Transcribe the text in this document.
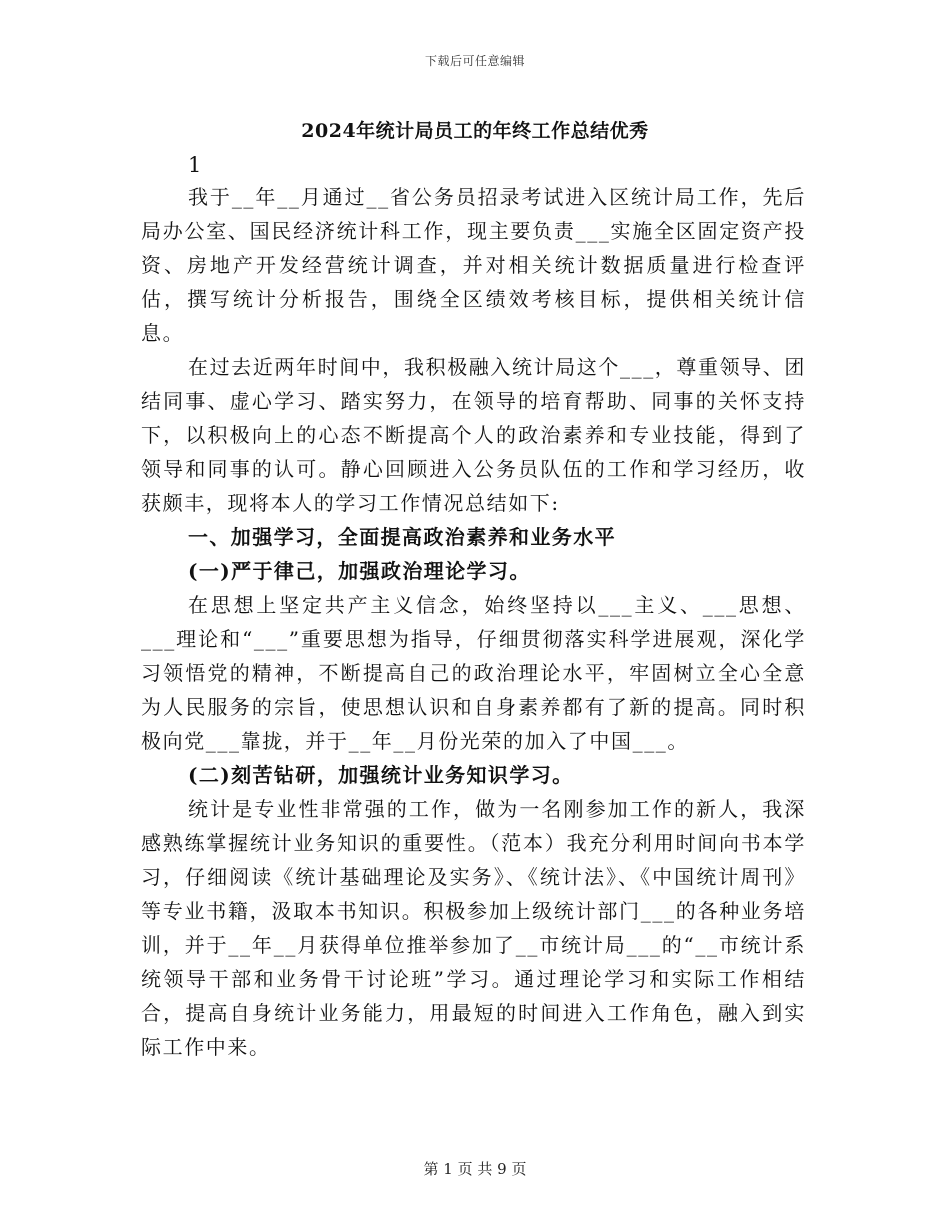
下载后可任意编辑
2024年统计局员工的年终工作总结优秀

1

我于__年__月通过__省公务员招录考试进入区统计局工作，先后局办公室、国民经济统计科工作，现主要负责___实施全区固定资产投资、房地产开发经营统计调查，并对相关统计数据质量进行检查评估，撰写统计分析报告，围绕全区绩效考核目标，提供相关统计信息。

在过去近两年时间中，我积极融入统计局这个___，尊重领导、团结同事、虚心学习、踏实努力，在领导的培育帮助、同事的关怀支持下，以积极向上的心态不断提高个人的政治素养和专业技能，得到了领导和同事的认可。静心回顾进入公务员队伍的工作和学习经历，收获颇丰，现将本人的学习工作情况总结如下:

一、加强学习，全面提高政治素养和业务水平

(一)严于律己，加强政治理论学习。

在思想上坚定共产主义信念，始终坚持以___主义、___思想、___理论和“___”重要思想为指导，仔细贯彻落实科学进展观，深化学习领悟党的精神，不断提高自己的政治理论水平，牢固树立全心全意为人民服务的宗旨，使思想认识和自身素养都有了新的提高。同时积极向党___靠拢，并于__年__月份光荣的加入了中国___。

(二)刻苦钻研，加强统计业务知识学习。

统计是专业性非常强的工作，做为一名刚参加工作的新人，我深感熟练掌握统计业务知识的重要性。（范本）我充分利用时间向书本学习，仔细阅读《统计基础理论及实务》、《统计法》、《中国统计周刊》等专业书籍，汲取本书知识。积极参加上级统计部门___的各种业务培训，并于__年__月获得单位推举参加了__市统计局___的“__市统计系统领导干部和业务骨干讨论班”学习。通过理论学习和实际工作相结合，提高自身统计业务能力，用最短的时间进入工作角色，融入到实际工作中来。

第 1 页 共 9 页
